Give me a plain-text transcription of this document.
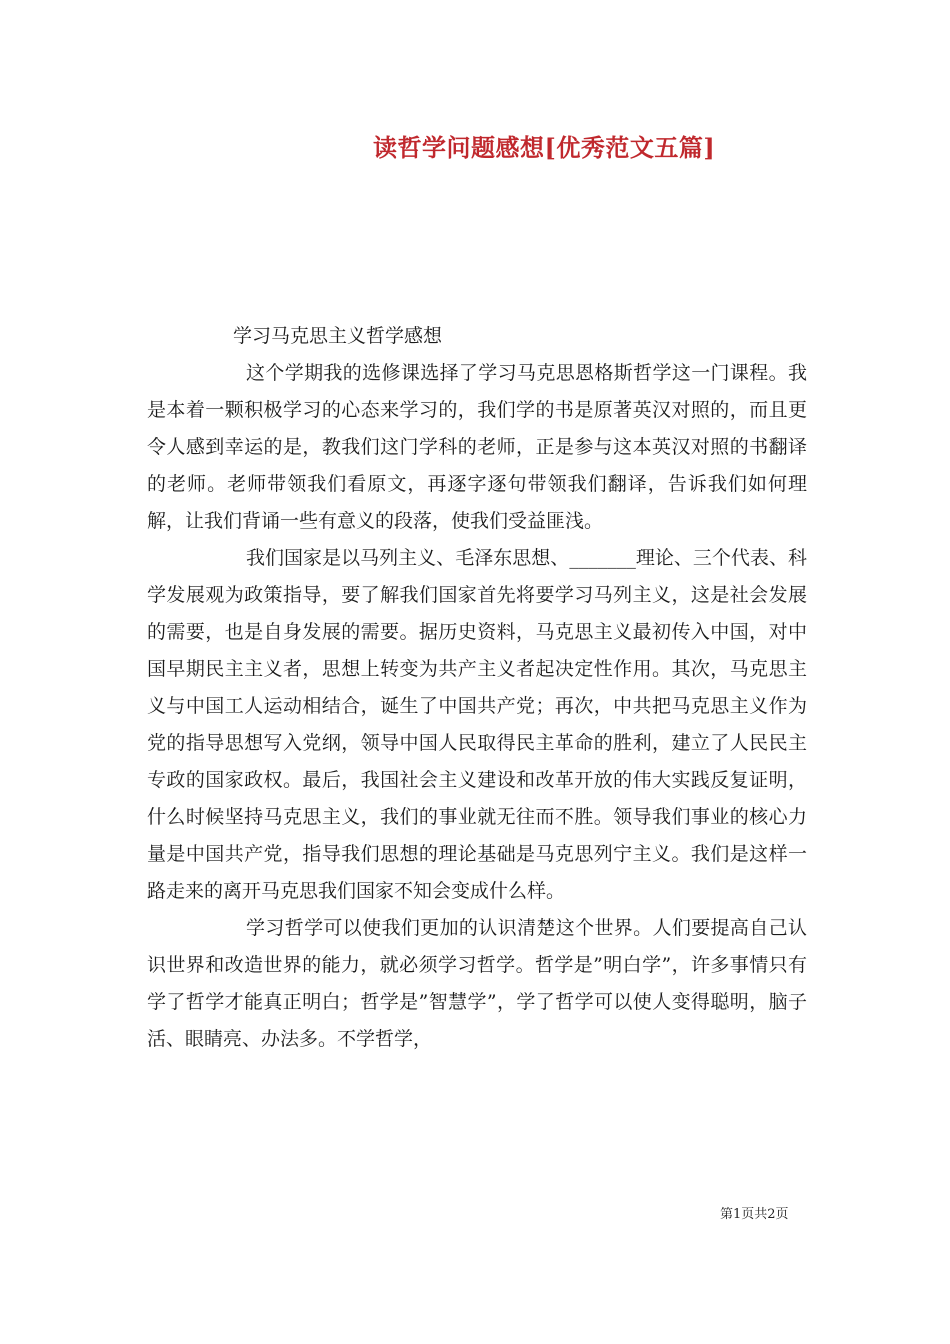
读哲学问题感想[优秀范文五篇]

学习马克思主义哲学感想

这个学期我的选修课选择了学习马克思恩格斯哲学这一门课程。我是本着一颗积极学习的心态来学习的，我们学的书是原著英汉对照的，而且更令人感到幸运的是，教我们这门学科的老师，正是参与这本英汉对照的书翻译的老师。老师带领我们看原文，再逐字逐句带领我们翻译，告诉我们如何理解，让我们背诵一些有意义的段落，使我们受益匪浅。

我们国家是以马列主义、毛泽东思想、_______理论、三个代表、科学发展观为政策指导，要了解我们国家首先将要学习马列主义，这是社会发展的需要，也是自身发展的需要。据历史资料，马克思主义最初传入中国，对中国早期民主主义者，思想上转变为共产主义者起决定性作用。其次，马克思主义与中国工人运动相结合，诞生了中国共产党；再次，中共把马克思主义作为党的指导思想写入党纲，领导中国人民取得民主革命的胜利，建立了人民民主专政的国家政权。最后，我国社会主义建设和改革开放的伟大实践反复证明，什么时候坚持马克思主义，我们的事业就无往而不胜。领导我们事业的核心力量是中国共产党，指导我们思想的理论基础是马克思列宁主义。我们是这样一路走来的离开马克思我们国家不知会变成什么样。

学习哲学可以使我们更加的认识清楚这个世界。人们要提高自己认识世界和改造世界的能力，就必须学习哲学。哲学是”明白学”，许多事情只有学了哲学才能真正明白；哲学是”智慧学”，学了哲学可以使人变得聪明，脑子活、眼睛亮、办法多。不学哲学，

第1页共2页
